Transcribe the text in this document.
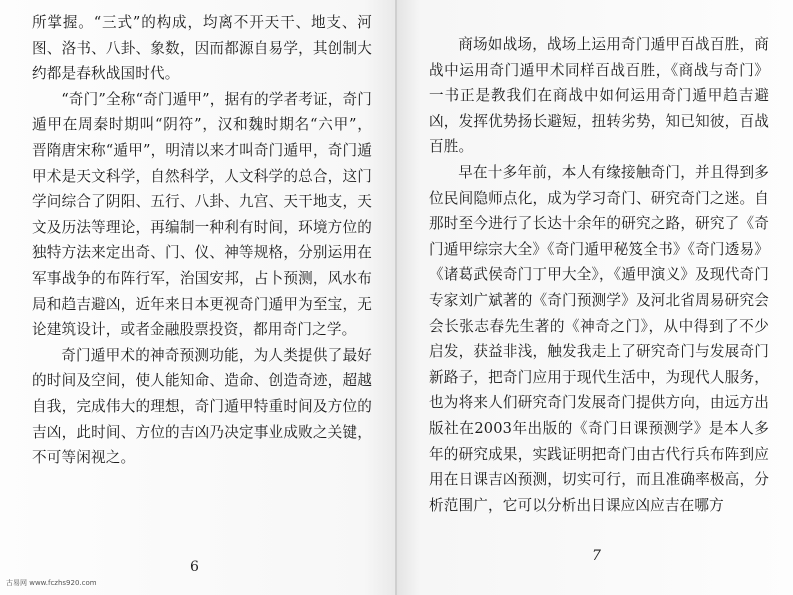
所掌握。“三式”的构成，均离不开天干、地支、河图、洛书、八卦、象数，因而都源自易学，其创制大约都是春秋战国时代。

“奇门”全称“奇门遁甲”，据有的学者考证，奇门遁甲在周秦时期叫“阴符”，汉和魏时期名“六甲”，晋隋唐宋称“遁甲”，明清以来才叫奇门遁甲，奇门遁甲术是天文科学，自然科学，人文科学的总合，这门学问综合了阴阳、五行、八卦、九宫、天干地支，天文及历法等理论，再编制一种利有时间，环境方位的独特方法来定出奇、门、仪、神等规格，分别运用在军事战争的布阵行军，治国安邦，占卜预测，风水布局和趋吉避凶，近年来日本更视奇门遁甲为至宝，无论建筑设计，或者金融股票投资，都用奇门之学。

奇门遁甲术的神奇预测功能，为人类提供了最好的时间及空间，使人能知命、造命、创造奇迹，超越自我，完成伟大的理想，奇门遁甲特重时间及方位的吉凶，此时间、方位的吉凶乃决定事业成败之关键，不可等闲视之。

6

商场如战场，战场上运用奇门遁甲百战百胜，商战中运用奇门遁甲术同样百战百胜，《商战与奇门》一书正是教我们在商战中如何运用奇门遁甲趋吉避凶，发挥优势扬长避短，扭转劣势，知已知彼，百战百胜。

早在十多年前，本人有缘接触奇门，并且得到多位民间隐师点化，成为学习奇门、研究奇门之迷。自那时至今进行了长达十余年的研究之路，研究了《奇门遁甲综宗大全》《奇门遁甲秘笈全书》《奇门透易》《诸葛武侯奇门丁甲大全》，《遁甲演义》及现代奇门专家刘广斌著的《奇门预测学》及河北省周易研究会会长张志春先生著的《神奇之门》，从中得到了不少启发，获益非浅，触发我走上了研究奇门与发展奇门新路子，把奇门应用于现代生活中，为现代人服务，也为将来人们研究奇门发展奇门提供方向，由远方出版社在2003年出版的《奇门日课预测学》是本人多年的研究成果，实践证明把奇门由古代行兵布阵到应用在日课吉凶预测，切实可行，而且准确率极高，分析范围广，它可以分析出日课应凶应吉在哪方

7
古易网 www.fczhs920.com
